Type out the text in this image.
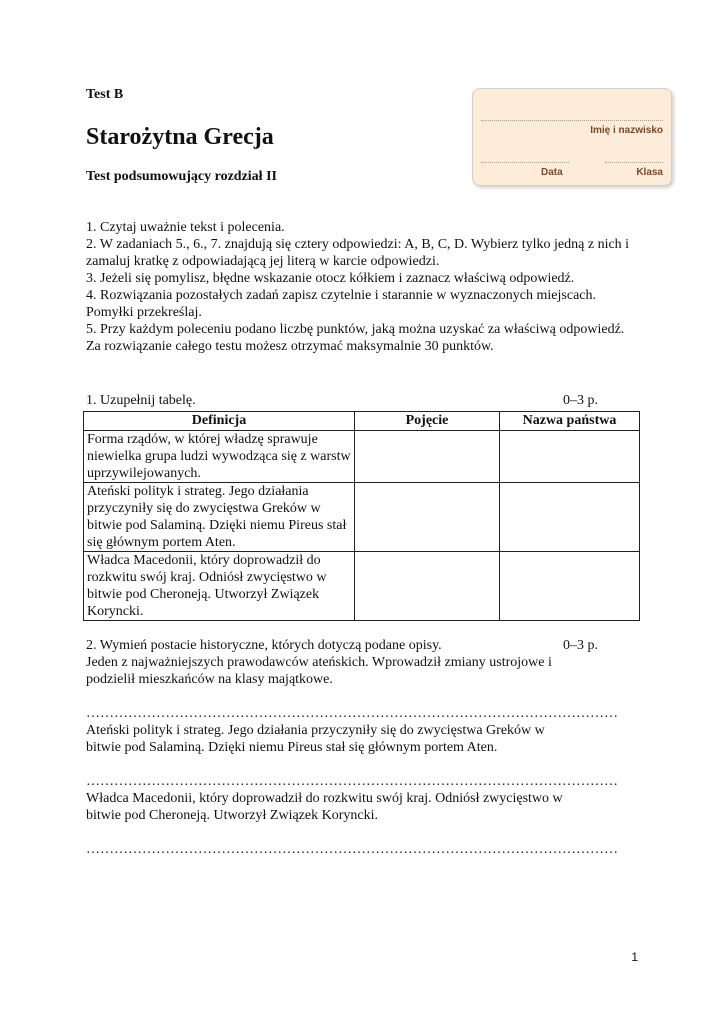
Test B
Starożytna Grecja
Test podsumowujący rozdział II
Imię i nazwisko
Data	Klasa

1. Czytaj uważnie tekst i polecenia.

2. W zadaniach 5., 6., 7. znajdują się cztery odpowiedzi: A, B, C, D. Wybierz tylko jedną z nich i zamaluj kratkę z odpowiadającą jej literą w karcie odpowiedzi.

3. Jeżeli się pomylisz, błędne wskazanie otocz kółkiem i zaznacz właściwą odpowiedź.

4. Rozwiązania pozostałych zadań zapisz czytelnie i starannie w wyznaczonych miejscach. Pomyłki przekreślaj.

5. Przy każdym poleceniu podano liczbę punktów, jaką można uzyskać za właściwą odpowiedź.

Za rozwiązanie całego testu możesz otrzymać maksymalnie 30 punktów.

1. Uzupełnij tabelę.	0–3 p.
Definicja	Pojęcie	Nazwa państwa
Forma rządów, w której władzę sprawuje niewielka grupa ludzi wywodząca się z warstw uprzywilejowanych.		
Ateński polityk i strateg. Jego działania przyczyniły się do zwycięstwa Greków w bitwie pod Salaminą. Dzięki niemu Pireus stał się głównym portem Aten.		
Władca Macedonii, który doprowadził do rozkwitu swój kraj. Odniósł zwycięstwo w bitwie pod Cheroneją. Utworzył Związek Koryncki.		
2. Wymień postacie historyczne, których dotyczą podane opisy.	0–3 p.

Jeden z najważniejszych prawodawców ateńskich. Wprowadził zmiany ustrojowe i podzielił mieszkańców na klasy majątkowe.

……………………………………………………………………………………………………

Ateński polityk i strateg. Jego działania przyczyniły się do zwycięstwa Greków w bitwie pod Salaminą. Dzięki niemu Pireus stał się głównym portem Aten.

……………………………………………………………………………………………………

Władca Macedonii, który doprowadził do rozkwitu swój kraj. Odniósł zwycięstwo w bitwie pod Cheroneją. Utworzył Związek Koryncki.

……………………………………………………………………………………………………

1
